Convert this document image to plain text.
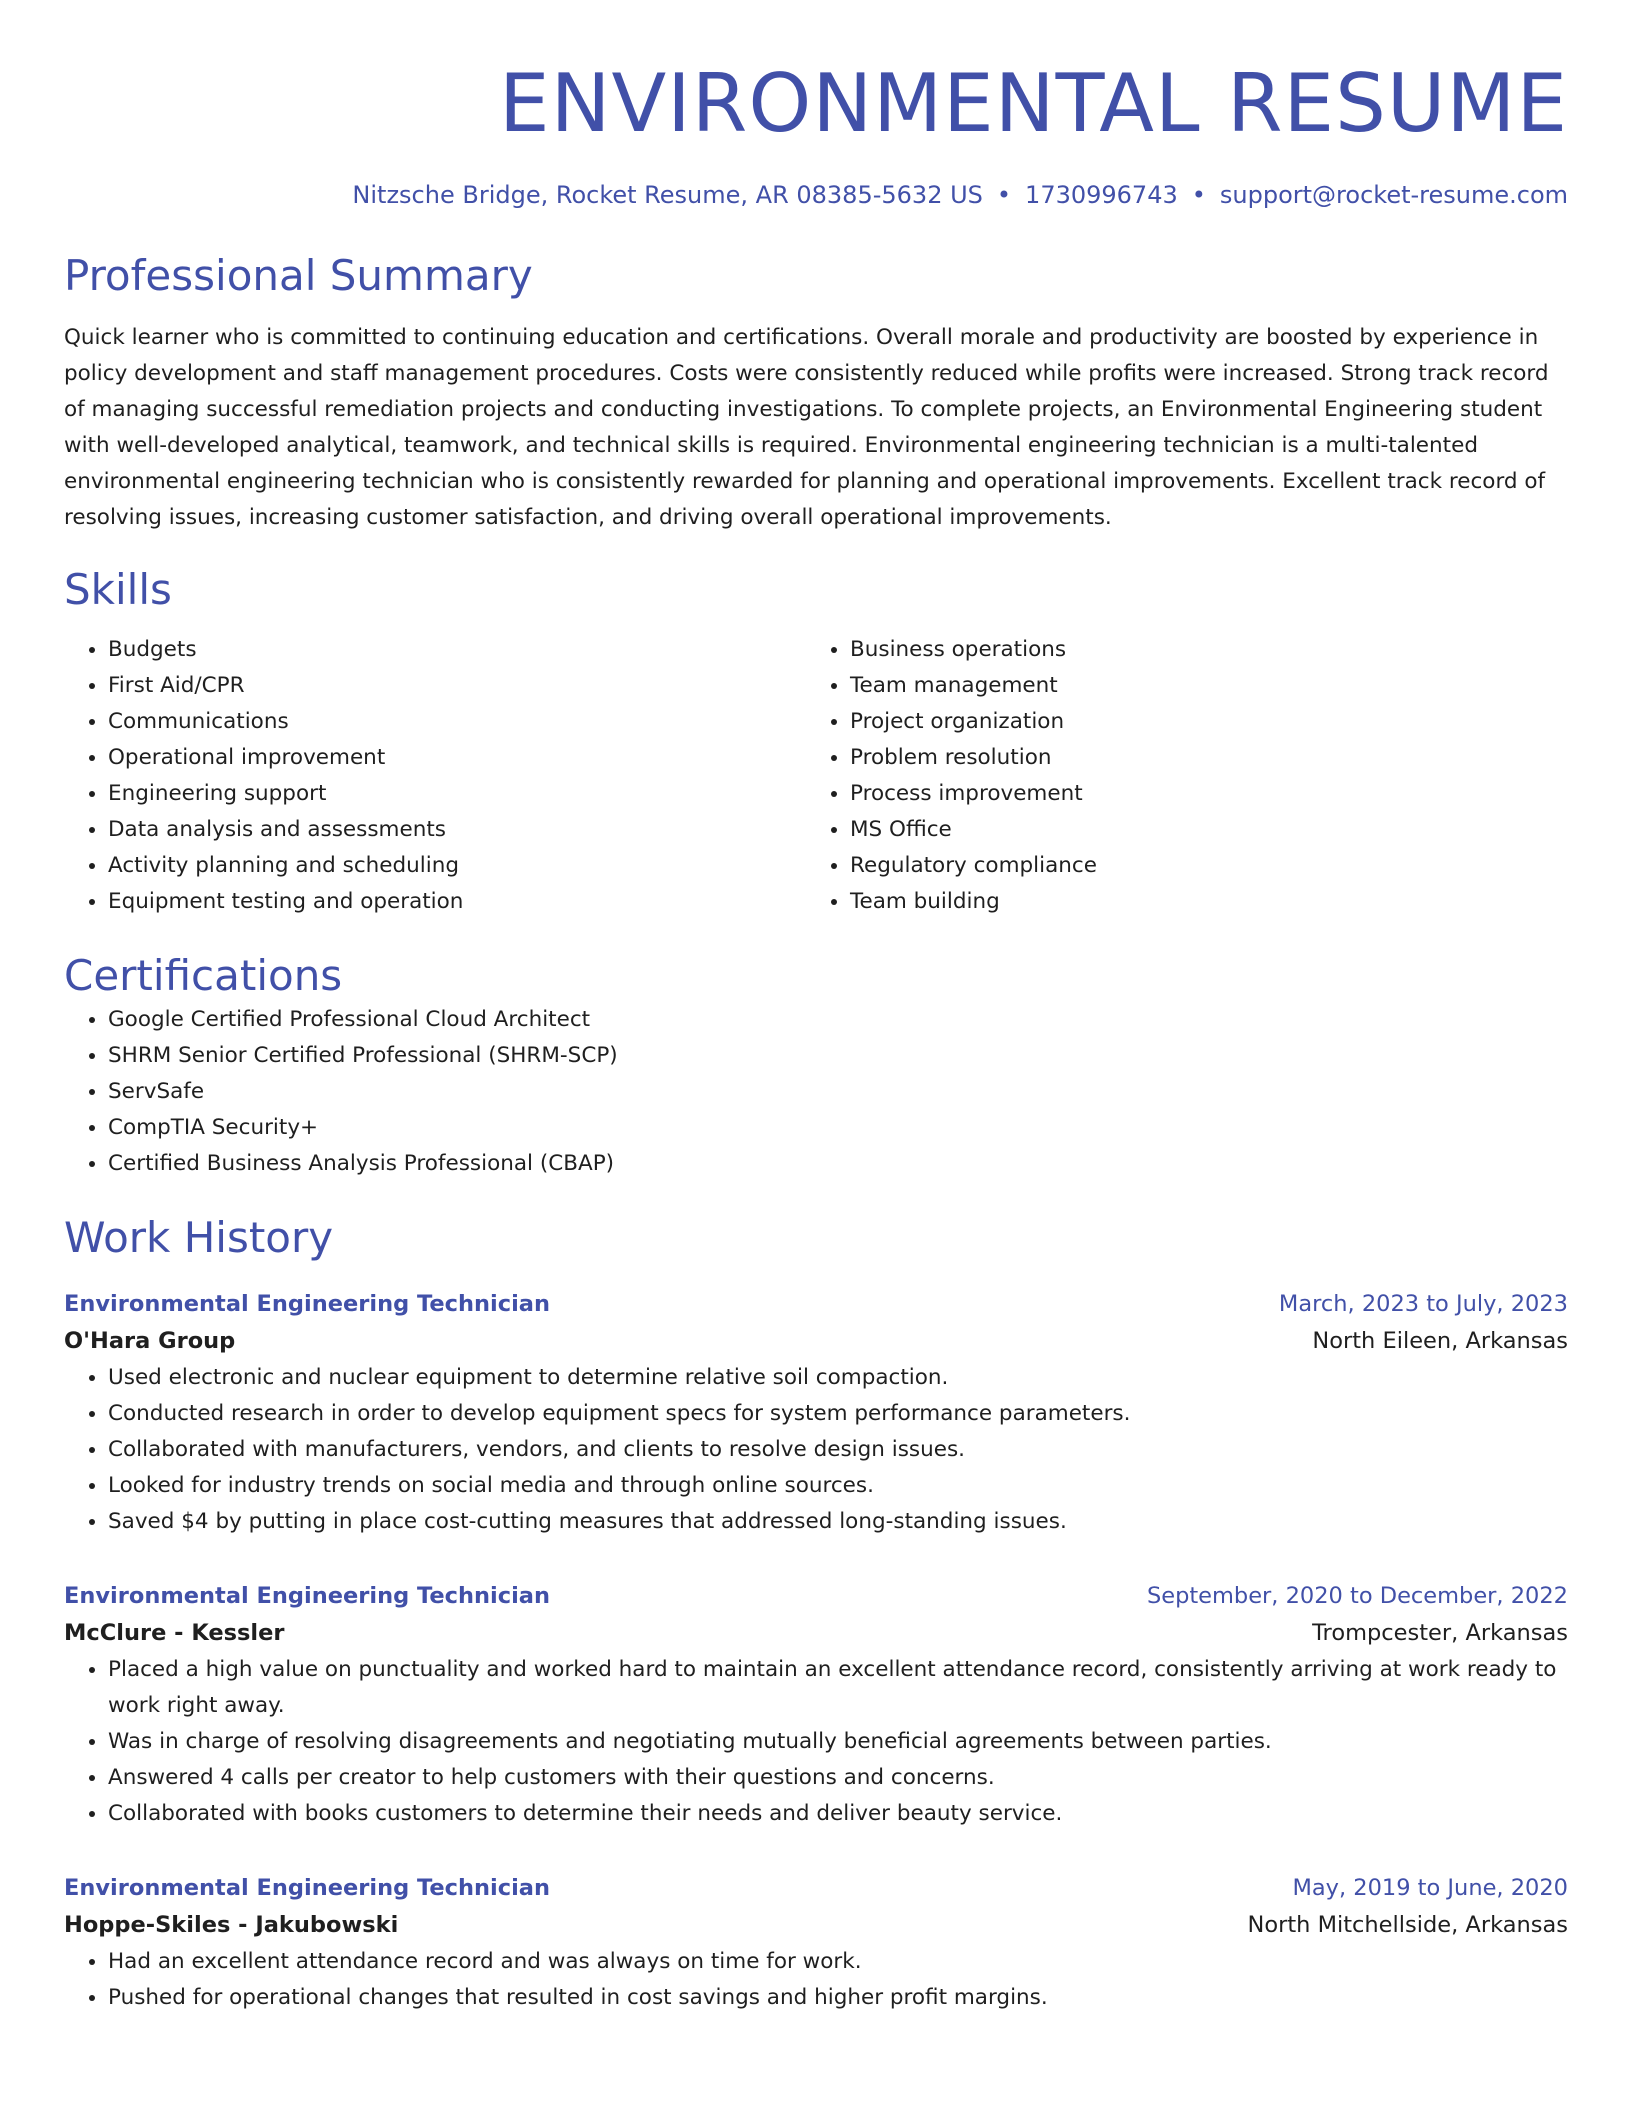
ENVIRONMENTAL RESUME
Nitzsche Bridge, Rocket Resume, AR 08385-5632 US • 1730996743 • support@rocket-resume.com
Professional Summary
Quick learner who is committed to continuing education and certifications. Overall morale and productivity are boosted by experience in policy development and staff management procedures. Costs were consistently reduced while profits were increased. Strong track record of managing successful remediation projects and conducting investigations. To complete projects, an Environmental Engineering student with well-developed analytical, teamwork, and technical skills is required. Environmental engineering technician is a multi-talented environmental engineering technician who is consistently rewarded for planning and operational improvements. Excellent track record of resolving issues, increasing customer satisfaction, and driving overall operational improvements.
Skills
• Budgets
• First Aid/CPR
• Communications
• Operational improvement
• Engineering support
• Data analysis and assessments
• Activity planning and scheduling
• Equipment testing and operation
• Business operations
• Team management
• Project organization
• Problem resolution
• Process improvement
• MS Office
• Regulatory compliance
• Team building
Certifications
• Google Certified Professional Cloud Architect
• SHRM Senior Certified Professional (SHRM-SCP)
• ServSafe
• CompTIA Security+
• Certified Business Analysis Professional (CBAP)
Work History
Environmental Engineering Technician	March, 2023 to July, 2023
O'Hara Group	North Eileen, Arkansas
• Used electronic and nuclear equipment to determine relative soil compaction.
• Conducted research in order to develop equipment specs for system performance parameters.
• Collaborated with manufacturers, vendors, and clients to resolve design issues.
• Looked for industry trends on social media and through online sources.
• Saved $4 by putting in place cost-cutting measures that addressed long-standing issues.
Environmental Engineering Technician	September, 2020 to December, 2022
McClure - Kessler	Trompcester, Arkansas
• Placed a high value on punctuality and worked hard to maintain an excellent attendance record, consistently arriving at work ready to work right away.
• Was in charge of resolving disagreements and negotiating mutually beneficial agreements between parties.
• Answered 4 calls per creator to help customers with their questions and concerns.
• Collaborated with books customers to determine their needs and deliver beauty service.
Environmental Engineering Technician	May, 2019 to June, 2020
Hoppe-Skiles - Jakubowski	North Mitchellside, Arkansas
• Had an excellent attendance record and was always on time for work.
• Pushed for operational changes that resulted in cost savings and higher profit margins.
